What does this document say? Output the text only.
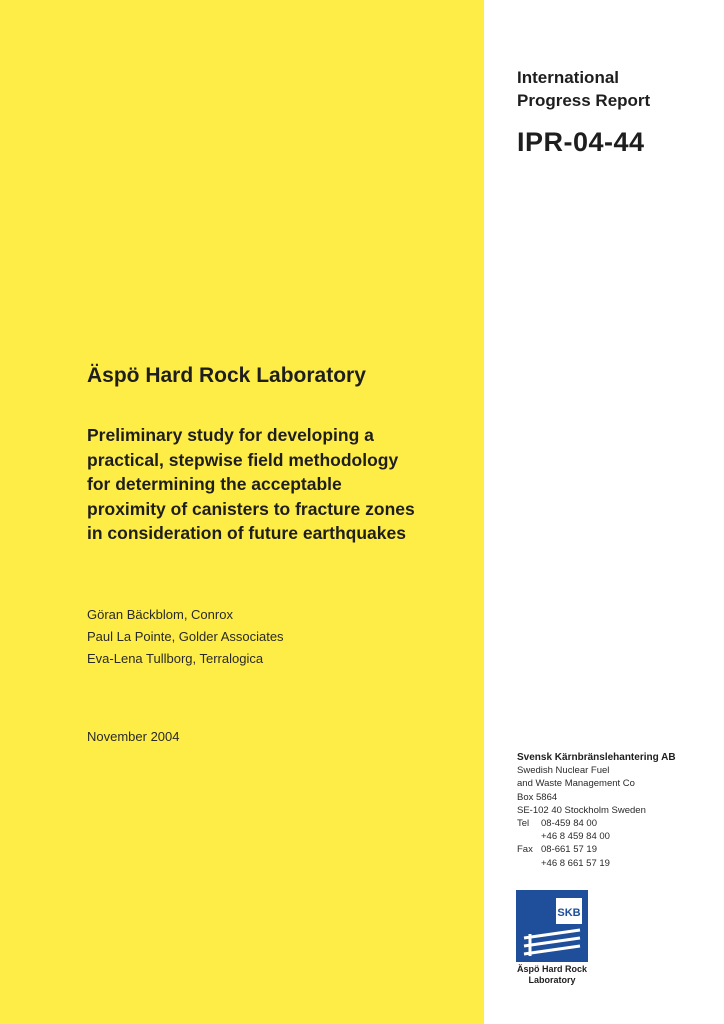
International
Progress Report
IPR-04-44
Äspö Hard Rock Laboratory
Preliminary study for developing a
practical, stepwise field methodology
for determining the acceptable
proximity of canisters to fracture zones
in consideration of future earthquakes
Göran Bäckblom, Conrox
Paul La Pointe, Golder Associates
Eva-Lena Tullborg, Terralogica
November 2004
Svensk Kärnbränslehantering AB
Swedish Nuclear Fuel
and Waste Management Co
Box 5864
SE-102 40 Stockholm Sweden
Tel	08-459 84 00
+46 8 459 84 00
Fax 08-661 57 19
+46 8 661 57 19
SKB
Äspö Hard Rock
Laboratory
